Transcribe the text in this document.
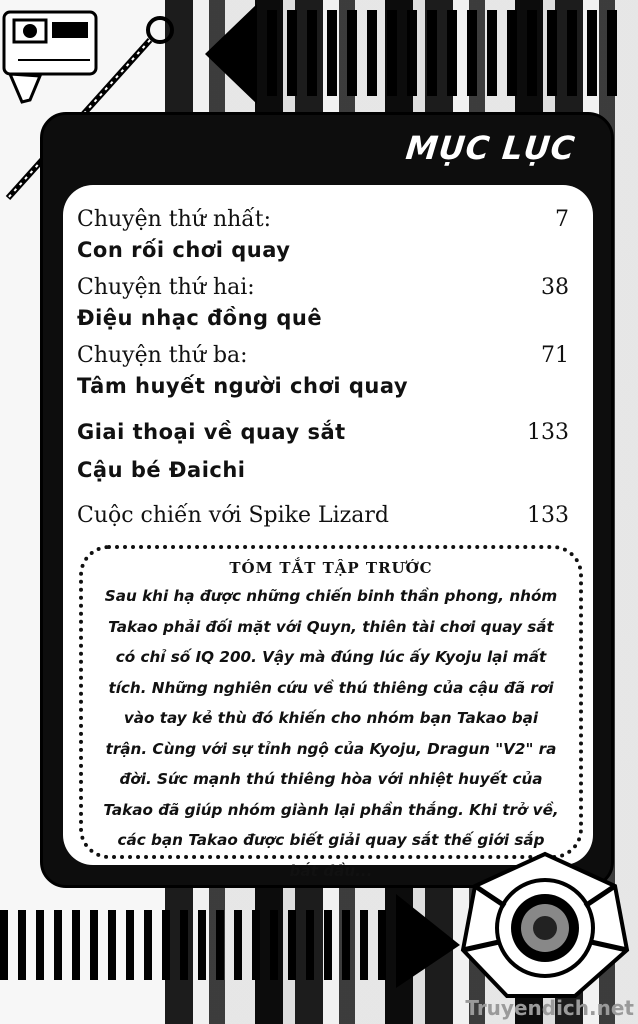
MỤC LỤC
Chuyện thứ nhất:
Con rối chơi quay
7
Chuyện thứ hai:
Điệu nhạc đồng quê
38
Chuyện thứ ba:
Tâm huyết người chơi quay
71
Giai thoại về quay sắt	133
Cậu bé Đaichi
Cuộc chiến với Spike Lizard	133
TÓM TẮT TẬP TRƯỚC
Sau khi hạ được những chiến binh thần phong, nhóm Takao phải đối mặt với Quyn, thiên tài chơi quay sắt có chỉ số IQ 200. Vậy mà đúng lúc ấy Kyoju lại mất tích. Những nghiên cứu về thú thiêng của cậu đã rơi vào tay kẻ thù đó khiến cho nhóm bạn Takao bại trận. Cùng với sự tỉnh ngộ của Kyoju, Dragun "V2" ra đời. Sức mạnh thú thiêng hòa với nhiệt huyết của Takao đã giúp nhóm giành lại phần thắng. Khi trở về, các bạn Takao được biết giải quay sắt thế giới sắp bắt đầu...
Truyendich.net
